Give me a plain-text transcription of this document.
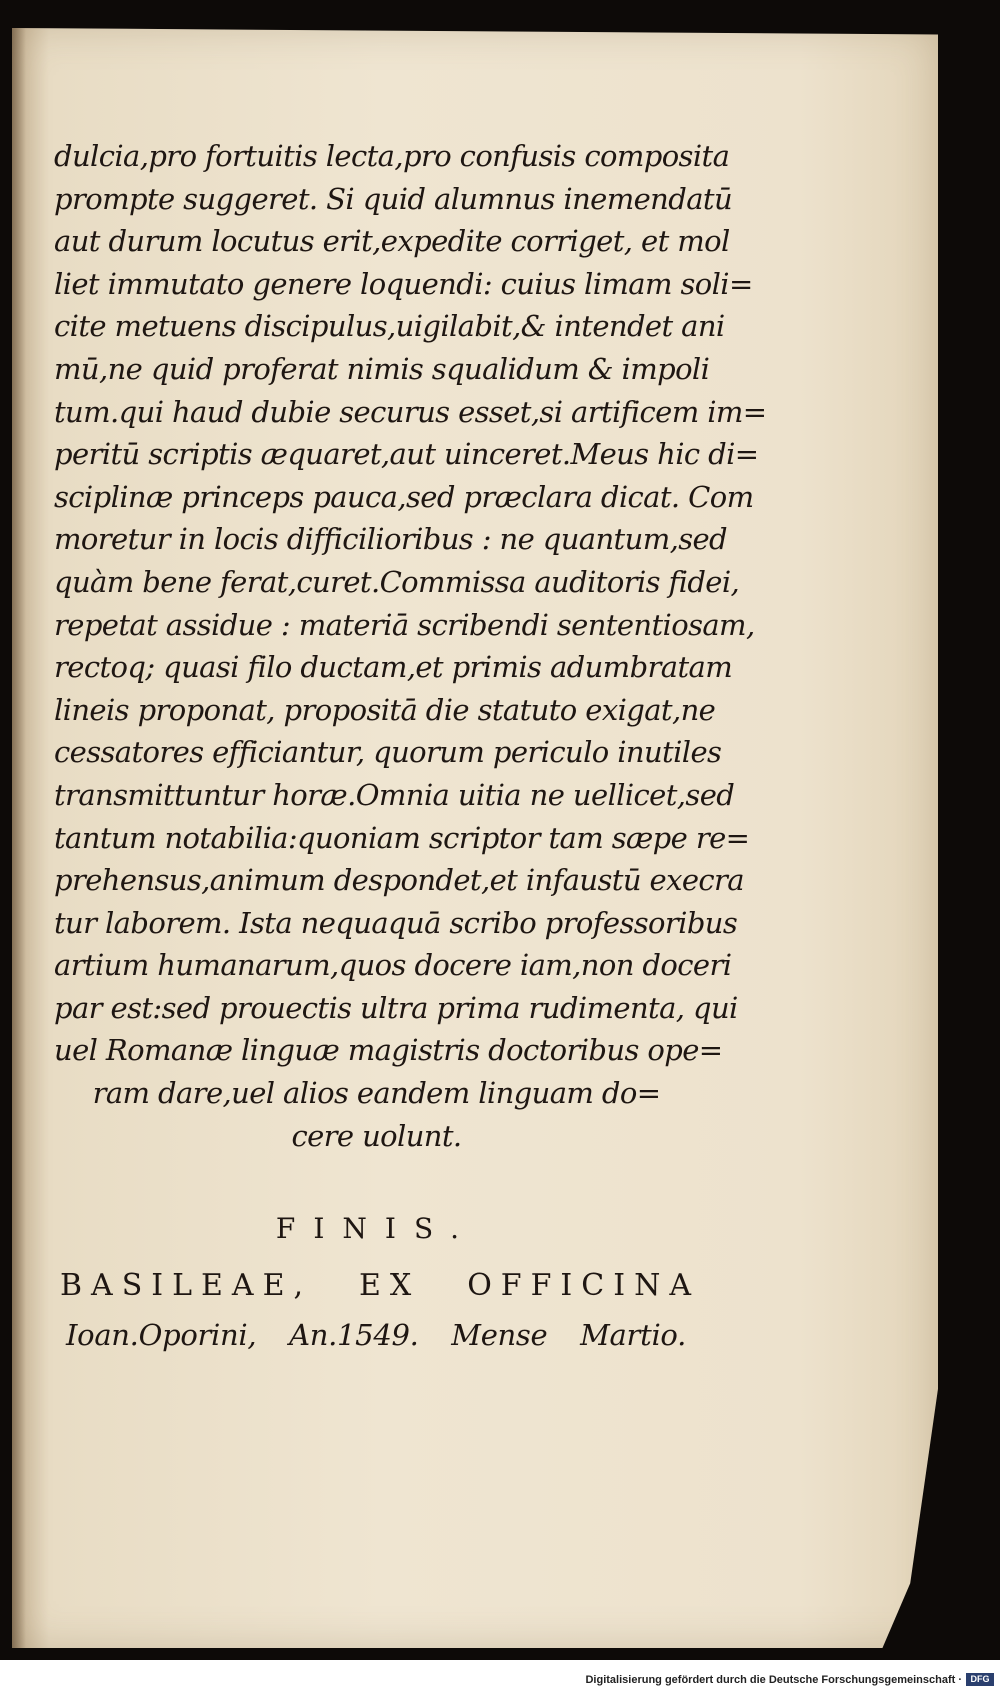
dulcia,pro fortuitis lecta,pro confusis composita
prompte suggeret. Si quid alumnus inemendatū
aut durum locutus erit,expedite corriget, et mol
liet immutato genere loquendi: cuius limam soli=
cite metuens discipulus,uigilabit,& intendet ani
mū,ne quid proferat nimis squalidum & impoli
tum.qui haud dubie securus esset,si artificem im=
peritū scriptis æquaret,aut uinceret.Meus hic di=
sciplinæ princeps pauca,sed præclara dicat. Com
moretur in locis difficilioribus : ne quantum,sed
quàm bene ferat,curet.Commissa auditoris fidei,
repetat assidue : materiā scribendi sententiosam,
rectoq; quasi filo ductam,et primis adumbratam
lineis proponat, propositā die statuto exigat,ne
cessatores efficiantur, quorum periculo inutiles
transmittuntur horæ.Omnia uitia ne uellicet,sed
tantum notabilia:quoniam scriptor tam sæpe re=
prehensus,animum despondet,et infaustū execra
tur laborem. Ista nequaquā scribo professoribus
artium humanarum,quos docere iam,non doceri
par est:sed prouectis ultra prima rudimenta, qui
uel Romanæ linguæ magistris doctoribus ope=
ram dare,uel alios eandem linguam do=
cere uolunt.
FINIS.
BASILEAE, EX OFFICINA
Ioan.Oporini, An.1549. Mense Martio.
Digitalisierung gefördert durch die Deutsche Forschungsgemeinschaft · DFG
